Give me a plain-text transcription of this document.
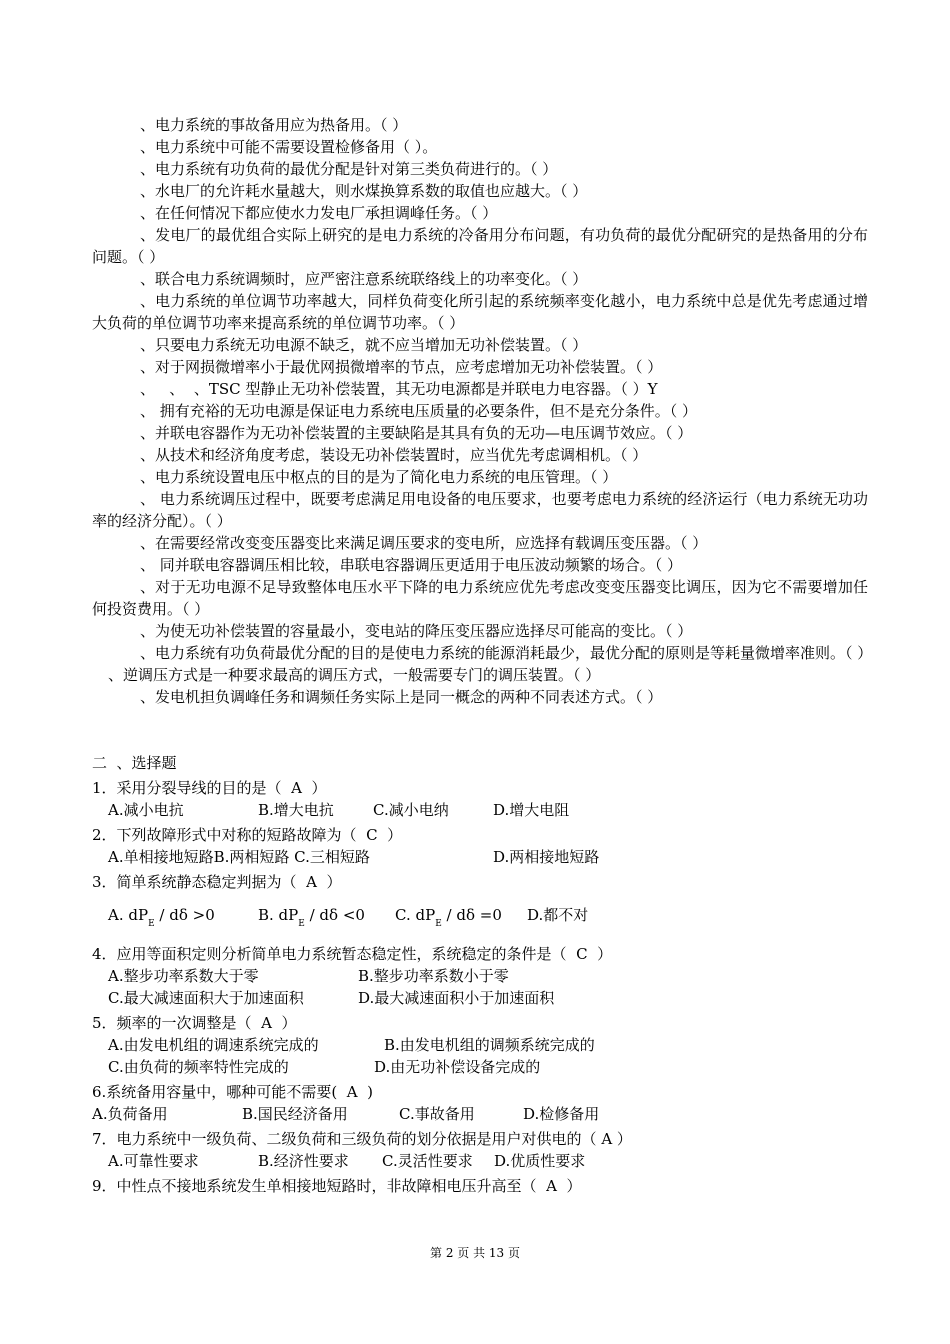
、电力系统的事故备用应为热备用。（ ）
、电力系统中可能不需要设置检修备用（ ）。
、电力系统有功负荷的最优分配是针对第三类负荷进行的。（ ）
、水电厂的允许耗水量越大，则水煤换算系数的取值也应越大。（ ）
、在任何情况下都应使水力发电厂承担调峰任务。（ ）
、发电厂的最优组合实际上研究的是电力系统的冷备用分布问题，有功负荷的最优分配研究的是热备用的分布问题。（ ）
、联合电力系统调频时，应严密注意系统联络线上的功率变化。（ ）
、电力系统的单位调节功率越大，同样负荷变化所引起的系统频率变化越小，电力系统中总是优先考虑通过增大负荷的单位调节功率来提高系统的单位调节功率。（ ）
、只要电力系统无功电源不缺乏，就不应当增加无功补偿装置。（ ）
、对于网损微增率小于最优网损微增率的节点，应考虑增加无功补偿装置。（ ）
、   、  、TSC 型静止无功补偿装置，其无功电源都是并联电力电容器。（ ）Y
、 拥有充裕的无功电源是保证电力系统电压质量的必要条件，但不是充分条件。（ ）
、并联电容器作为无功补偿装置的主要缺陷是其具有负的无功—电压调节效应。（ ）
、从技术和经济角度考虑，装设无功补偿装置时，应当优先考虑调相机。（ ）
、电力系统设置电压中枢点的目的是为了简化电力系统的电压管理。（ ）
、 电力系统调压过程中，既要考虑满足用电设备的电压要求，也要考虑电力系统的经济运行（电力系统无功功率的经济分配）。（ ）
、在需要经常改变变压器变比来满足调压要求的变电所，应选择有载调压变压器。（ ）
、 同并联电容器调压相比较，串联电容器调压更适用于电压波动频繁的场合。（ ）
、对于无功电源不足导致整体电压水平下降的电力系统应优先考虑改变变压器变比调压，因为它不需要增加任何投资费用。（ ）
、为使无功补偿装置的容量最小，变电站的降压变压器应选择尽可能高的变比。（ ）
、电力系统有功负荷最优分配的目的是使电力系统的能源消耗最少，最优分配的原则是等耗量微增率准则。（ ）
、逆调压方式是一种要求最高的调压方式，一般需要专门的调压装置。（ ）
、发电机担负调峰任务和调频任务实际上是同一概念的两种不同表述方式。（ ）
二  、选择题
1．采用分裂导线的目的是（  A  ）
A.减小电抗	B.增大电抗	C.减小电纳	D.增大电阻
2．下列故障形式中对称的短路故障为（  C  ）
A.单相接地短路B.两相短路 C.三相短路	D.两相接地短路
3．简单系统静态稳定判据为（  A  ）
A. $dP_E / d\delta >0$	B. $dP_E / d\delta <0$	C. $dP_E / d\delta =0$	D.都不对
4．应用等面积定则分析简单电力系统暂态稳定性，系统稳定的条件是（  C  ）
A.整步功率系数大于零	B.整步功率系数小于零
C.最大减速面积大于加速面积	D.最大减速面积小于加速面积
5．频率的一次调整是（  A  ）
A.由发电机组的调速系统完成的	B.由发电机组的调频系统完成的
C.由负荷的频率特性完成的	D.由无功补偿设备完成的
6.系统备用容量中，哪种可能不需要(  A  )
A.负荷备用	B.国民经济备用	C.事故备用	D.检修备用
7．电力系统中一级负荷、二级负荷和三级负荷的划分依据是用户对供电的（ A ）
A.可靠性要求	B.经济性要求	C.灵活性要求	D.优质性要求
9．中性点不接地系统发生单相接地短路时，非故障相电压升高至（  A  ）
第 2 页 共 13 页
